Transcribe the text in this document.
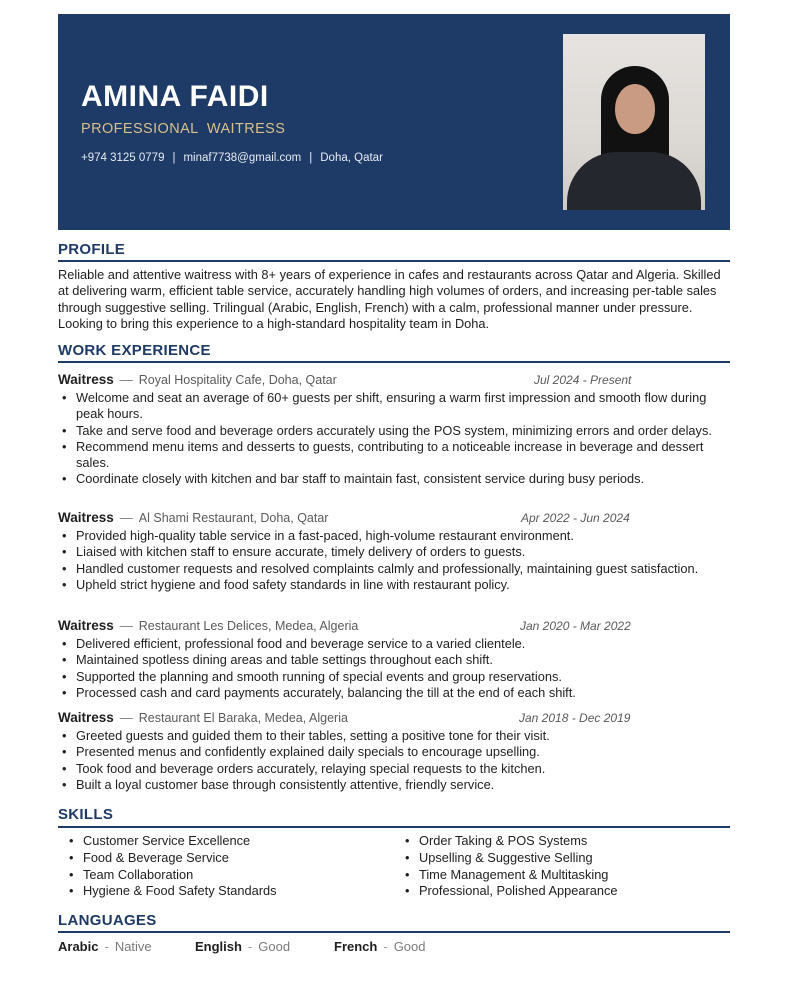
AMINA FAIDI
PROFESSIONAL  WAITRESS
+974 3125 0779 | minaf7738@gmail.com | Doha, Qatar
PROFILE
Reliable and attentive waitress with 8+ years of experience in cafes and restaurants across Qatar and Algeria. Skilled at delivering warm, efficient table service, accurately handling high volumes of orders, and increasing per-table sales through suggestive selling. Trilingual (Arabic, English, French) with a calm, professional manner under pressure. Looking to bring this experience to a high-standard hospitality team in Doha.
WORK EXPERIENCE
Waitress — Royal Hospitality Cafe, Doha, Qatar	Jul 2024 - Present
• Welcome and seat an average of 60+ guests per shift, ensuring a warm first impression and smooth flow during peak hours.
• Take and serve food and beverage orders accurately using the POS system, minimizing errors and order delays.
• Recommend menu items and desserts to guests, contributing to a noticeable increase in beverage and dessert sales.
• Coordinate closely with kitchen and bar staff to maintain fast, consistent service during busy periods.
Waitress — Al Shami Restaurant, Doha, Qatar	Apr 2022 - Jun 2024
• Provided high-quality table service in a fast-paced, high-volume restaurant environment.
• Liaised with kitchen staff to ensure accurate, timely delivery of orders to guests.
• Handled customer requests and resolved complaints calmly and professionally, maintaining guest satisfaction.
• Upheld strict hygiene and food safety standards in line with restaurant policy.
Waitress — Restaurant Les Delices, Medea, Algeria	Jan 2020 - Mar 2022
• Delivered efficient, professional food and beverage service to a varied clientele.
• Maintained spotless dining areas and table settings throughout each shift.
• Supported the planning and smooth running of special events and group reservations.
• Processed cash and card payments accurately, balancing the till at the end of each shift.
Waitress — Restaurant El Baraka, Medea, Algeria	Jan 2018 - Dec 2019
• Greeted guests and guided them to their tables, setting a positive tone for their visit.
• Presented menus and confidently explained daily specials to encourage upselling.
• Took food and beverage orders accurately, relaying special requests to the kitchen.
• Built a loyal customer base through consistently attentive, friendly service.
SKILLS
• Customer Service Excellence
• Food & Beverage Service
• Team Collaboration
• Hygiene & Food Safety Standards
• Order Taking & POS Systems
• Upselling & Suggestive Selling
• Time Management & Multitasking
• Professional, Polished Appearance
LANGUAGES
Arabic - Native	English - Good	French - Good
